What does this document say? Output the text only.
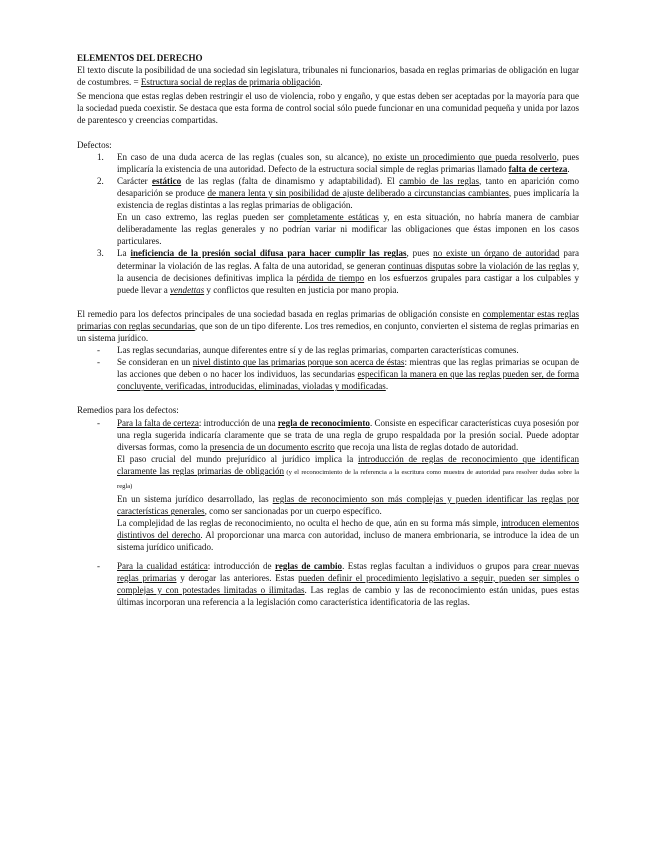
ELEMENTOS DEL DERECHO

El texto discute la posibilidad de una sociedad sin legislatura, tribunales ni funcionarios, basada en reglas primarias de obligación en lugar de costumbres. = Estructura social de reglas de primaria obligación.

Se menciona que estas reglas deben restringir el uso de violencia, robo y engaño, y que estas deben ser aceptadas por la mayoría para que la sociedad pueda coexistir. Se destaca que esta forma de control social sólo puede funcionar en una comunidad pequeña y unida por lazos de parentesco y creencias compartidas.

Defectos:

1. En caso de una duda acerca de las reglas (cuales son, su alcance), no existe un procedimiento que pueda resolverlo, pues implicaría la existencia de una autoridad. Defecto de la estructura social simple de reglas primarias llamado falta de certeza.
2. Carácter estático de las reglas (falta de dinamismo y adaptabilidad). El cambio de las reglas, tanto en aparición como desaparición se produce de manera lenta y sin posibilidad de ajuste deliberado a circunstancias cambiantes, pues implicaría la existencia de reglas distintas a las reglas primarias de obligación.

En un caso extremo, las reglas pueden ser completamente estáticas y, en esta situación, no habría manera de cambiar deliberadamente las reglas generales y no podrían variar ni modificar las obligaciones que éstas imponen en los casos particulares.

3. La ineficiencia de la presión social difusa para hacer cumplir las reglas, pues no existe un órgano de autoridad para determinar la violación de las reglas. A falta de una autoridad, se generan continuas disputas sobre la violación de las reglas y, la ausencia de decisiones definitivas implica la pérdida de tiempo en los esfuerzos grupales para castigar a los culpables y puede llevar a vendettas y conflictos que resulten en justicia por mano propia.

El remedio para los defectos principales de una sociedad basada en reglas primarias de obligación consiste en complementar estas reglas primarias con reglas secundarias, que son de un tipo diferente. Los tres remedios, en conjunto, convierten el sistema de reglas primarias en un sistema jurídico.

- Las reglas secundarias, aunque diferentes entre sí y de las reglas primarias, comparten características comunes.
- Se consideran en un nivel distinto que las primarias porque son acerca de éstas: mientras que las reglas primarias se ocupan de las acciones que deben o no hacer los individuos, las secundarias especifican la manera en que las reglas pueden ser, de forma concluyente, verificadas, introducidas, eliminadas, violadas y modificadas.

Remedios para los defectos:

- Para la falta de certeza: introducción de una regla de reconocimiento. Consiste en especificar características cuya posesión por una regla sugerida indicaría claramente que se trata de una regla de grupo respaldada por la presión social. Puede adoptar diversas formas, como la presencia de un documento escrito que recoja una lista de reglas dotado de autoridad.

El paso crucial del mundo prejurídico al jurídico implica la introducción de reglas de reconocimiento que identifican claramente las reglas primarias de obligación (y el reconocimiento de la referencia a la escritura como muestra de autoridad para resolver dudas sobre la regla)

En un sistema jurídico desarrollado, las reglas de reconocimiento son más complejas y pueden identificar las reglas por características generales, como ser sancionadas por un cuerpo específico.

La complejidad de las reglas de reconocimiento, no oculta el hecho de que, aún en su forma más simple, introducen elementos distintivos del derecho. Al proporcionar una marca con autoridad, incluso de manera embrionaria, se introduce la idea de un sistema jurídico unificado.

- Para la cualidad estática: introducción de reglas de cambio. Estas reglas facultan a individuos o grupos para crear nuevas reglas primarias y derogar las anteriores. Estas pueden definir el procedimiento legislativo a seguir, pueden ser simples o complejas y con potestades limitadas o ilimitadas. Las reglas de cambio y las de reconocimiento están unidas, pues estas últimas incorporan una referencia a la legislación como característica identificatoria de las reglas.
